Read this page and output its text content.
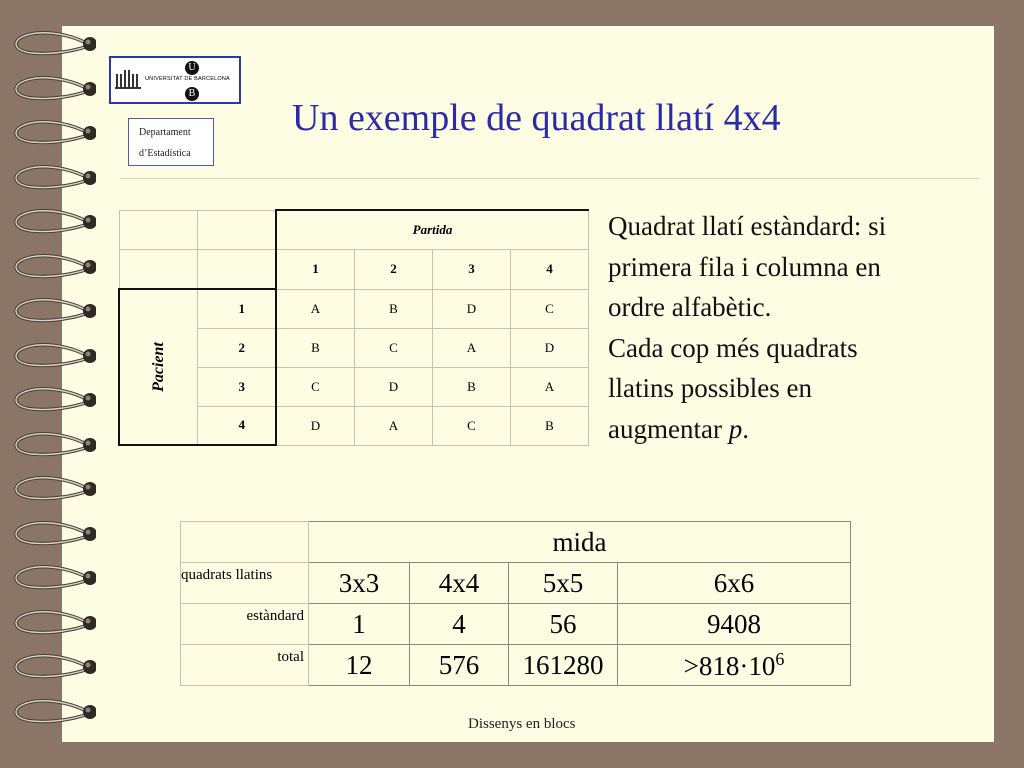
U
UNIVERSITAT DE BARCELONA
B
Departament
d’Estadística
Un exemple de quadrat llatí 4x4
		Partida			
		1	2	3	4
Pacient	1	A	B	D	C
	2	B	C	A	D
	3	C	D	B	A
	4	D	A	C	B
Quadrat llatí estàndard: si
primera fila i columna en
ordre alfabètic.
Cada cop més quadrats
llatins possibles en
augmentar p.
	mida			
quadrats llatins	3x3	4x4	5x5	6x6
estàndard	1	4	56	9408
total	12	576	161280	$>818\cdot 10^6$
Dissenys en blocs
